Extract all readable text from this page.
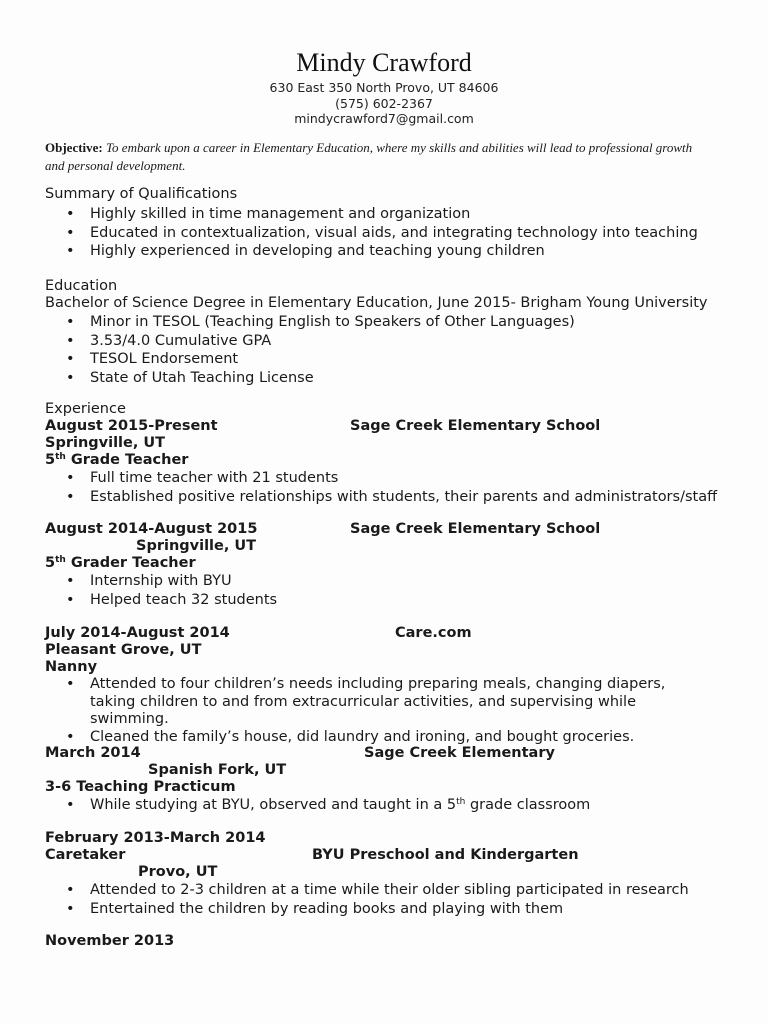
Mindy Crawford
630 East 350 North Provo, UT 84606
(575) 602-2367
mindycrawford7@gmail.com
Objective: To embark upon a career in Elementary Education, where my skills and abilities will lead to professional growth and personal development.
Summary of Qualifications
• Highly skilled in time management and organization
• Educated in contextualization, visual aids, and integrating technology into teaching
• Highly experienced in developing and teaching young children
Education
Bachelor of Science Degree in Elementary Education, June 2015- Brigham Young University
• Minor in TESOL (Teaching English to Speakers of Other Languages)
• 3.53/4.0 Cumulative GPA
• TESOL Endorsement
• State of Utah Teaching License
Experience
August 2015-Present	Sage Creek Elementary School
Springville, UT
5th Grade Teacher
• Full time teacher with 21 students
• Established positive relationships with students, their parents and administrators/staff
August 2014-August 2015	Sage Creek Elementary School
Springville, UT
5th Grader Teacher
• Internship with BYU
• Helped teach 32 students
July 2014-August 2014	Care.com
Pleasant Grove, UT
Nanny
• Attended to four children’s needs including preparing meals, changing diapers, taking children to and from extracurricular activities, and supervising while swimming.
• Cleaned the family’s house, did laundry and ironing, and bought groceries.
March 2014	Sage Creek Elementary
Spanish Fork, UT
3-6 Teaching Practicum
• While studying at BYU, observed and taught in a 5th grade classroom
February 2013-March 2014
Caretaker	BYU Preschool and Kindergarten
Provo, UT
• Attended to 2-3 children at a time while their older sibling participated in research
• Entertained the children by reading books and playing with them
November 2013
